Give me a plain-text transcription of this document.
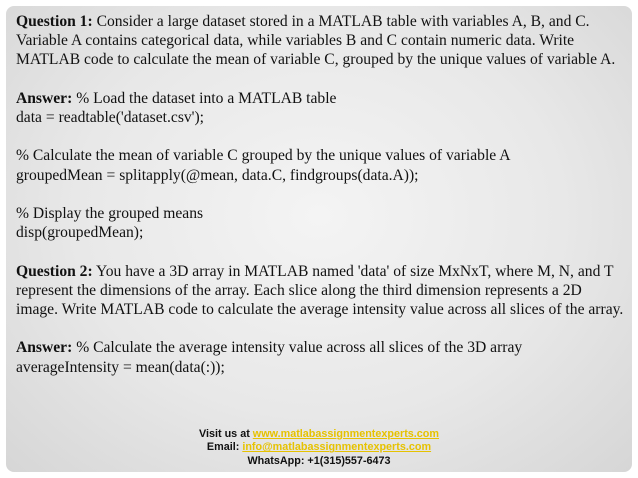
Question 1: Consider a large dataset stored in a MATLAB table with variables A, B, and C. Variable A contains categorical data, while variables B and C contain numeric data. Write MATLAB code to calculate the mean of variable C, grouped by the unique values of variable A.

Answer: % Load the dataset into a MATLAB table

data = readtable('dataset.csv');

% Calculate the mean of variable C grouped by the unique values of variable A

groupedMean = splitapply(@mean, data.C, findgroups(data.A));

% Display the grouped means

disp(groupedMean);

Question 2: You have a 3D array in MATLAB named 'data' of size MxNxT, where M, N, and T represent the dimensions of the array. Each slice along the third dimension represents a 2D image. Write MATLAB code to calculate the average intensity value across all slices of the array.

Answer: % Calculate the average intensity value across all slices of the 3D array

averageIntensity = mean(data(:));

Visit us at www.matlabassignmentexperts.com
Email: info@matlabassignmentexperts.com
WhatsApp: +1(315)557-6473
